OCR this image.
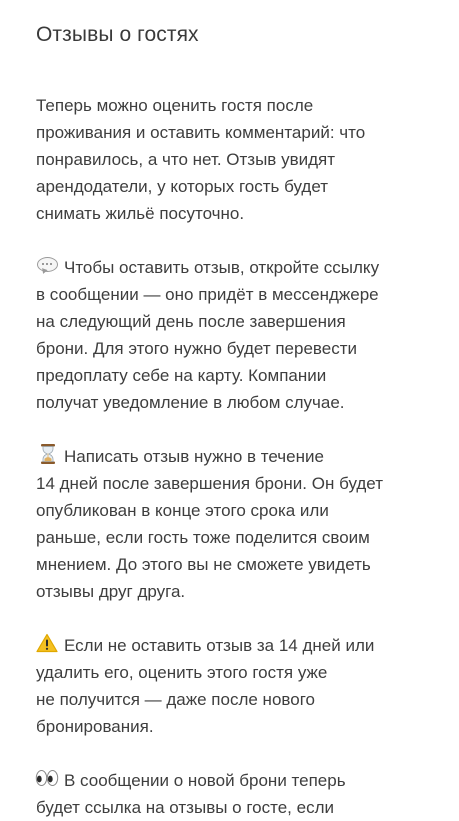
Отзывы о гостях

Теперь можно оценить гостя после
проживания и оставить комментарий: что
понравилось, а что нет. Отзыв увидят
арендодатели, у которых гость будет
снимать жильё посуточно.

Чтобы оставить отзыв, откройте ссылку
в сообщении — оно придёт в мессенджере
на следующий день после завершения
брони. Для этого нужно будет перевести
предоплату себе на карту. Компании
получат уведомление в любом случае.

Написать отзыв нужно в течение
14 дней после завершения брони. Он будет
опубликован в конце этого срока или
раньше, если гость тоже поделится своим
мнением. До этого вы не сможете увидеть
отзывы друг друга.

Если не оставить отзыв за 14 дней или
удалить его, оценить этого гостя уже
не получится — даже после нового
бронирования.

В сообщении о новой брони теперь
будет ссылка на отзывы о госте, если
